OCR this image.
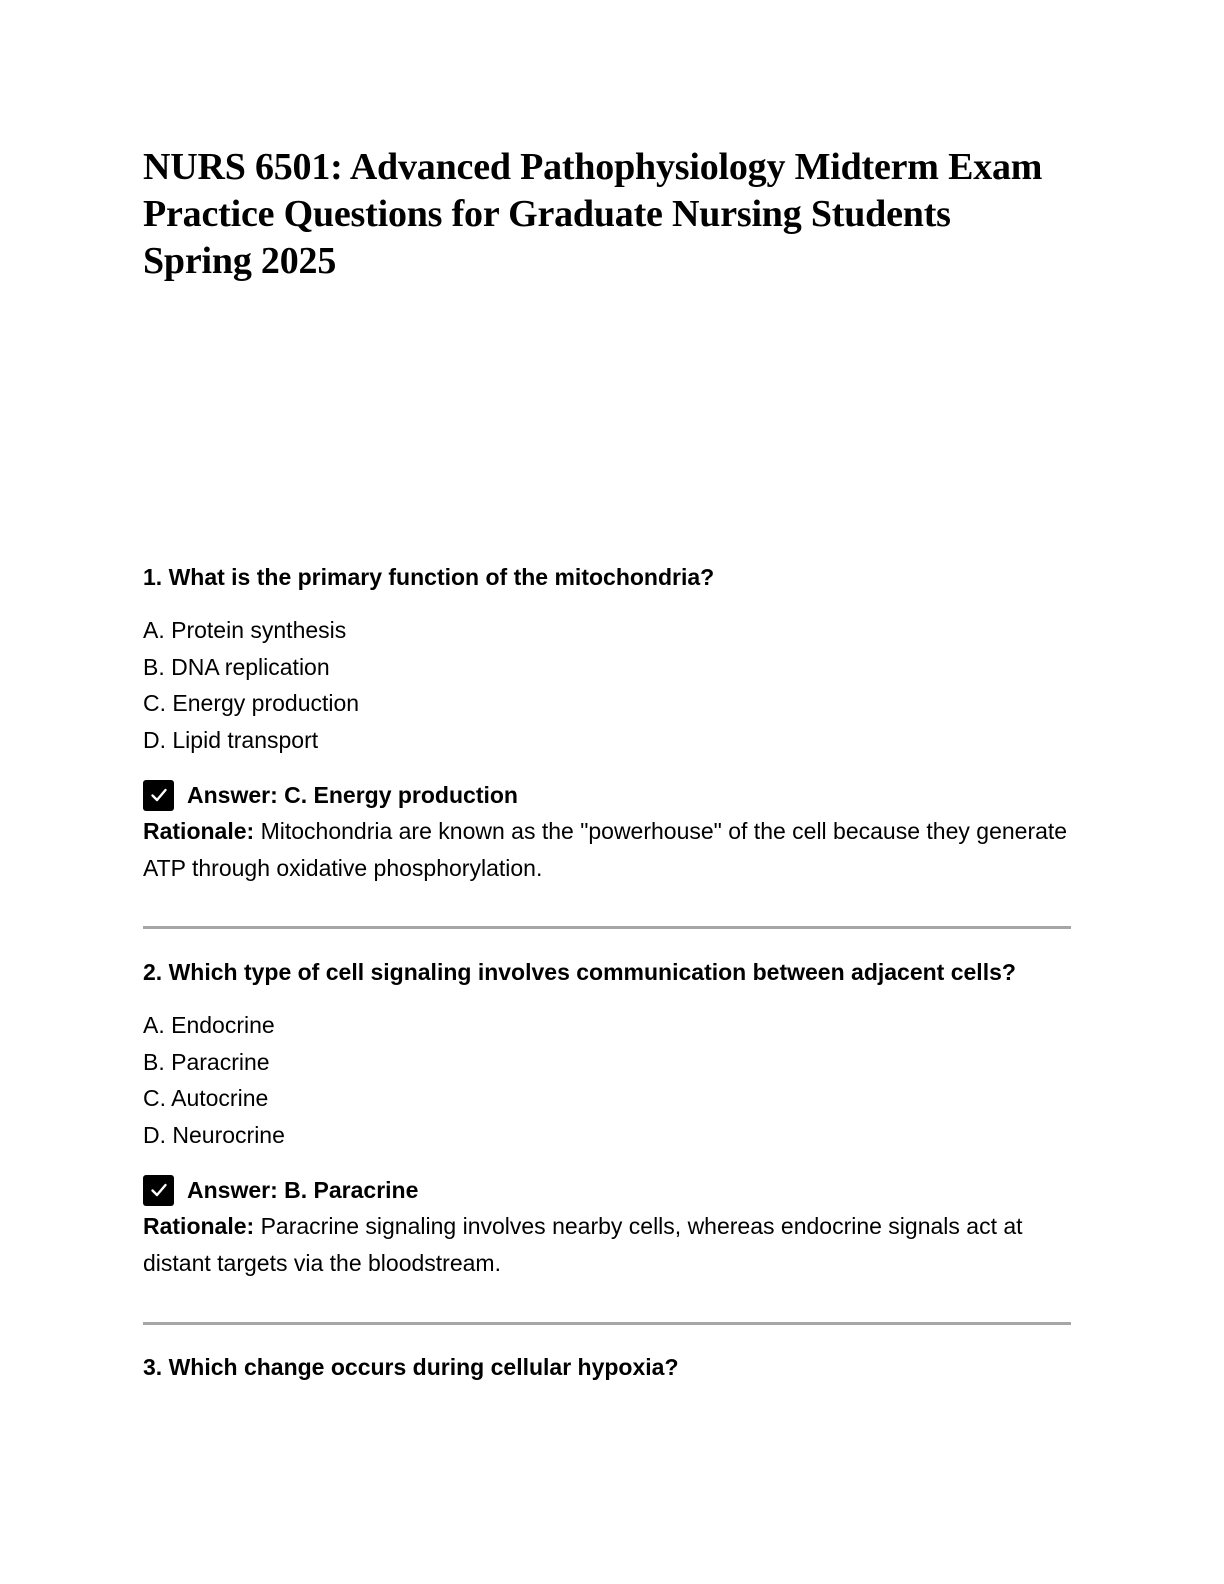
NURS 6501: Advanced Pathophysiology Midterm Exam Practice Questions for Graduate Nursing Students Spring 2025

1. What is the primary function of the mitochondria?

A. Protein synthesis
B. DNA replication
C. Energy production
D. Lipid transport
Answer: C. Energy production

Rationale: Mitochondria are known as the "powerhouse" of the cell because they generate ATP through oxidative phosphorylation.

2. Which type of cell signaling involves communication between adjacent cells?

A. Endocrine
B. Paracrine
C. Autocrine
D. Neurocrine
Answer: B. Paracrine

Rationale: Paracrine signaling involves nearby cells, whereas endocrine signals act at distant targets via the bloodstream.

3. Which change occurs during cellular hypoxia?
